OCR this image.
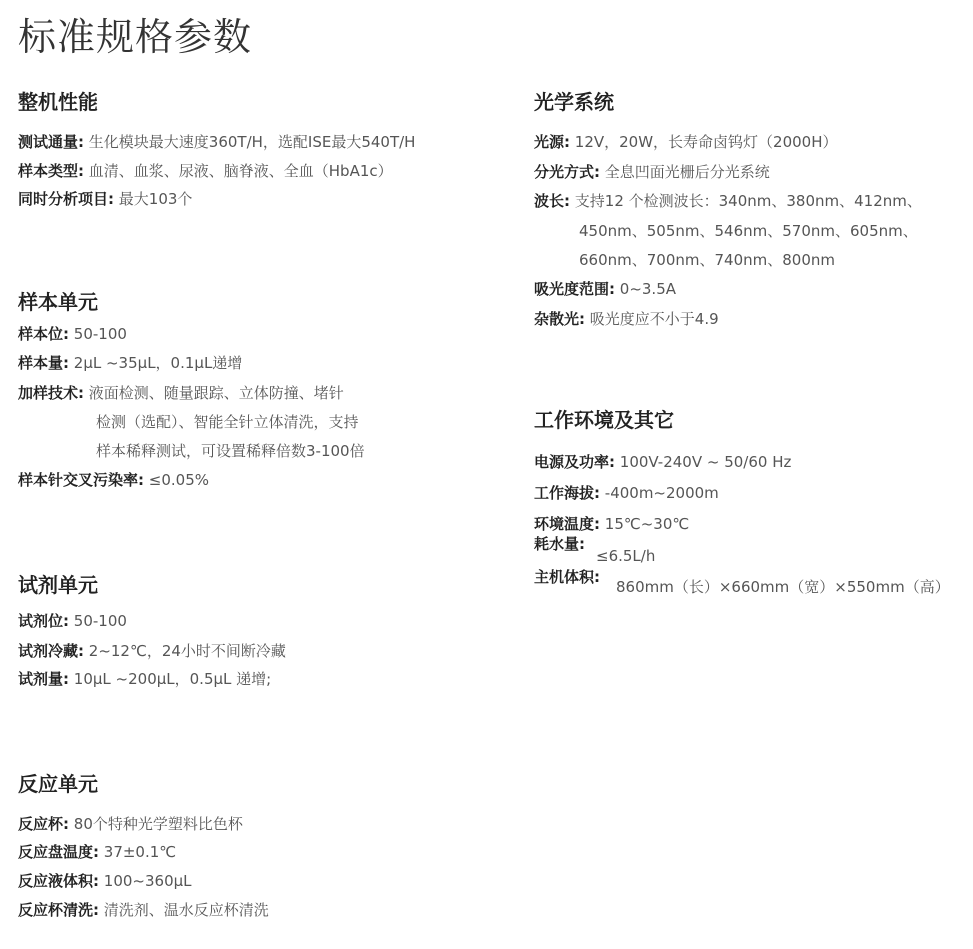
标准规格参数
整机性能
测试通量: 生化模块最大速度360T/H，选配ISE最大540T/H
样本类型: 血清、血浆、尿液、脑脊液、全血（HbA1c）
同时分析项目: 最大103个
样本单元
样本位: 50-100
样本量: 2μL ~35μL，0.1μL递增
加样技术: 液面检测、随量跟踪、立体防撞、堵针
检测（选配）、智能全针立体清洗，支持
样本稀释测试，可设置稀释倍数3-100倍
样本针交叉污染率: ≤0.05%
试剂单元
试剂位: 50-100
试剂冷藏: 2~12℃，24小时不间断冷藏
试剂量: 10μL ~200μL，0.5μL 递增;
反应单元
反应杯: 80个特种光学塑料比色杯
反应盘温度: 37±0.1℃
反应液体积: 100~360μL
反应杯清洗: 清洗剂、温水反应杯清洗
光学系统
光源: 12V，20W，长寿命卤钨灯（2000H）
分光方式: 全息凹面光栅后分光系统
波长: 支持12 个检测波长：340nm、380nm、412nm、
450nm、505nm、546nm、570nm、605nm、
660nm、700nm、740nm、800nm
吸光度范围: 0~3.5A
杂散光: 吸光度应不小于4.9
工作环境及其它
电源及功率: 100V-240V ~ 50/60 Hz
工作海拔: -400m~2000m
环境温度: 15℃~30℃
耗水量:
≤6.5L/h
主机体积:
860mm（长）×660mm（宽）×550mm（高）
